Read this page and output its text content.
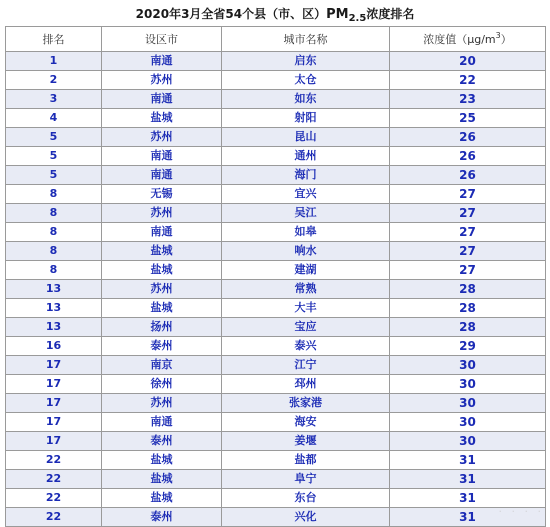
2020年3月全省54个县（市、区）$PM_{2.5}$浓度排名
排名	设区市	城市名称	浓度值$(\mu g/m^3)$
1	南通	启东	20
2	苏州	太仓	22
3	南通	如东	23
4	盐城	射阳	25
5	苏州	昆山	26
5	南通	通州	26
5	南通	海门	26
8	无锡	宜兴	27
8	苏州	吴江	27
8	南通	如皋	27
8	盐城	响水	27
8	盐城	建湖	27
13	苏州	常熟	28
13	盐城	大丰	28
13	扬州	宝应	28
16	泰州	泰兴	29
17	南京	江宁	30
17	徐州	邳州	30
17	苏州	张家港	30
17	南通	海安	30
17	泰州	姜堰	30
22	盐城	盐都	31
22	盐城	阜宁	31
22	盐城	东台	31
22	泰州	兴化	31 · · · ·
